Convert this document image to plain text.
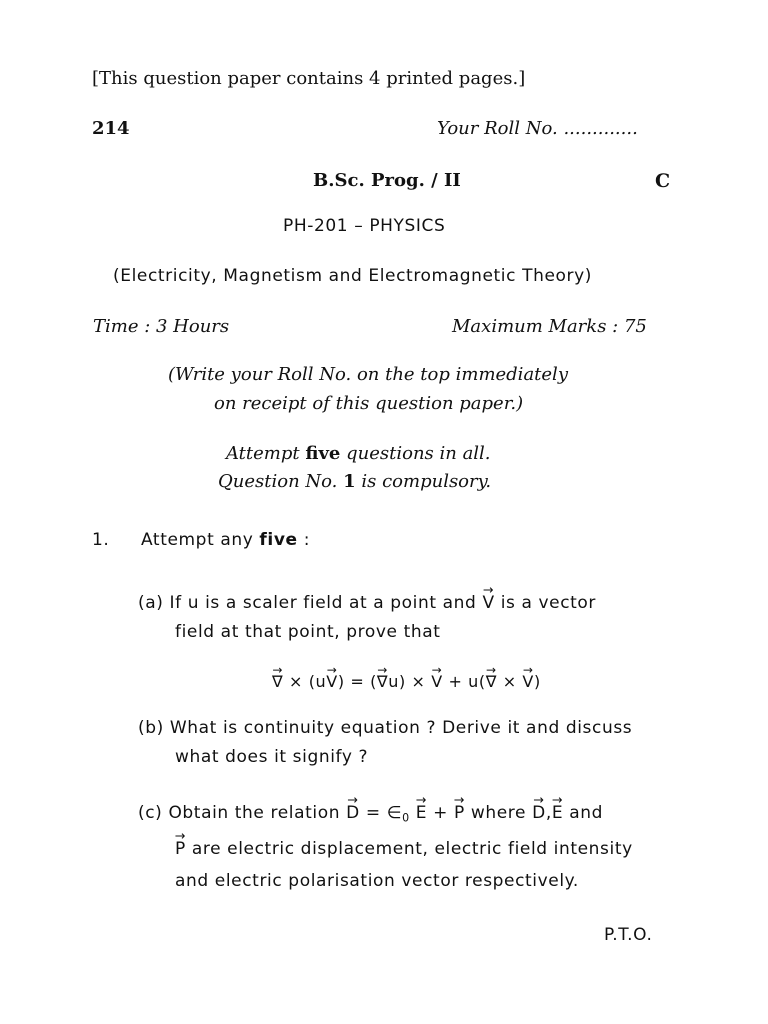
[This question paper contains 4 printed pages.]
214	Your Roll No. .............
B.Sc. Prog. / II	C
PH-201 – PHYSICS
(Electricity, Magnetism and Electromagnetic Theory)
Time : 3 Hours	Maximum Marks : 75
(Write your Roll No. on the top immediately
on receipt of this question paper.)
Attempt five questions in all.
Question No. 1 is compulsory.
1. Attempt any five :
(a) If u is a scaler field at a point and → V is a vector
field at that point, prove that
→ ∇ × (u→ V) = (→ ∇u) × → V + u(→ ∇ × → V)
(b) What is continuity equation ? Derive it and discuss
what does it signify ?
(c) Obtain the relation → $D = \in_0 \to E$ + → P where → D,→ E and
→ P are electric displacement, electric field intensity
and electric polarisation vector respectively.
P.T.O.
